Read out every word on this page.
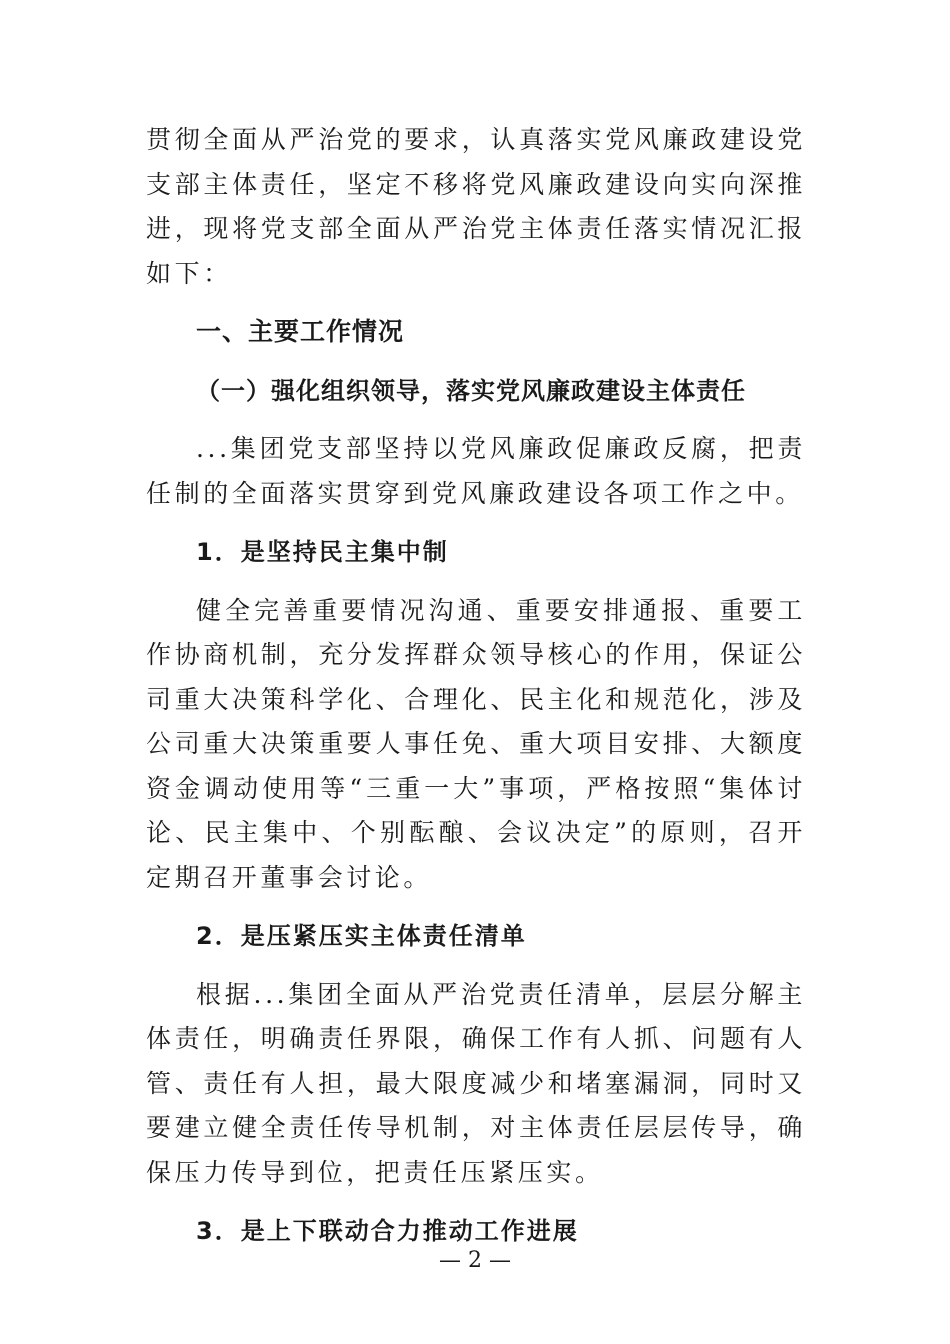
贯彻全面从严治党的要求，认真落实党风廉政建设党支部主体责任，坚定不移将党风廉政建设向实向深推进，现将党支部全面从严治党主体责任落实情况汇报如下：

一、主要工作情况

（一）强化组织领导，落实党风廉政建设主体责任

...集团党支部坚持以党风廉政促廉政反腐，把责任制的全面落实贯穿到党风廉政建设各项工作之中。

1．是坚持民主集中制

健全完善重要情况沟通、重要安排通报、重要工作协商机制，充分发挥群众领导核心的作用，保证公司重大决策科学化、合理化、民主化和规范化，涉及公司重大决策重要人事任免、重大项目安排、大额度资金调动使用等“三重一大”事项，严格按照“集体讨论、民主集中、个别酝酿、会议决定”的原则，召开定期召开董事会讨论。

2．是压紧压实主体责任清单

根据...集团全面从严治党责任清单，层层分解主体责任，明确责任界限，确保工作有人抓、问题有人管、责任有人担，最大限度减少和堵塞漏洞，同时又要建立健全责任传导机制，对主体责任层层传导，确保压力传导到位，把责任压紧压实。

3．是上下联动合力推动工作进展

— 2 —
